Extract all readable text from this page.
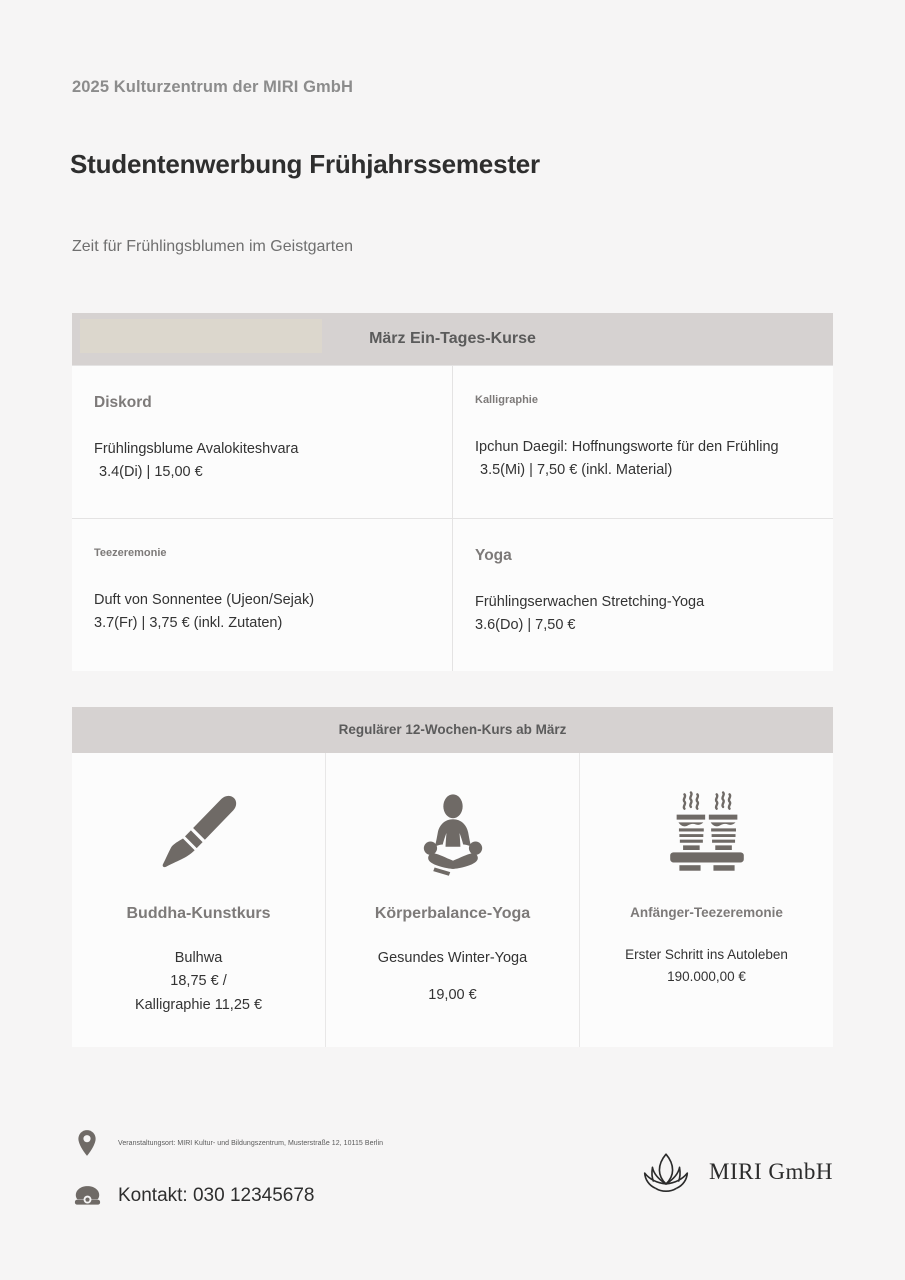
2025 Kulturzentrum der MIRI GmbH
Studentenwerbung Frühjahrssemester
Zeit für Frühlingsblumen im Geistgarten
März Ein-Tages-Kurse
Diskord
Frühlingsblume Avalokiteshvara
3.4(Di) | 15,00 €
Kalligraphie
Ipchun Daegil: Hoffnungsworte für den Frühling
3.5(Mi) | 7,50 € (inkl. Material)
Teezeremonie
Duft von Sonnentee (Ujeon/Sejak)
3.7(Fr) | 3,75 € (inkl. Zutaten)
Yoga
Frühlingserwachen Stretching-Yoga
3.6(Do) | 7,50 €
Regulärer 12-Wochen-Kurs ab März
Buddha-Kunstkurs
Bulhwa
18,75 € /
Kalligraphie 11,25 €
Körperbalance-Yoga
Gesundes Winter-Yoga
19,00 €
Anfänger-Teezeremonie
Erster Schritt ins Autoleben
190.000,00 €
Veranstaltungsort: MIRI Kultur- und Bildungszentrum, Musterstraße 12, 10115 Berlin
Kontakt: 030 12345678
MIRI GmbH
